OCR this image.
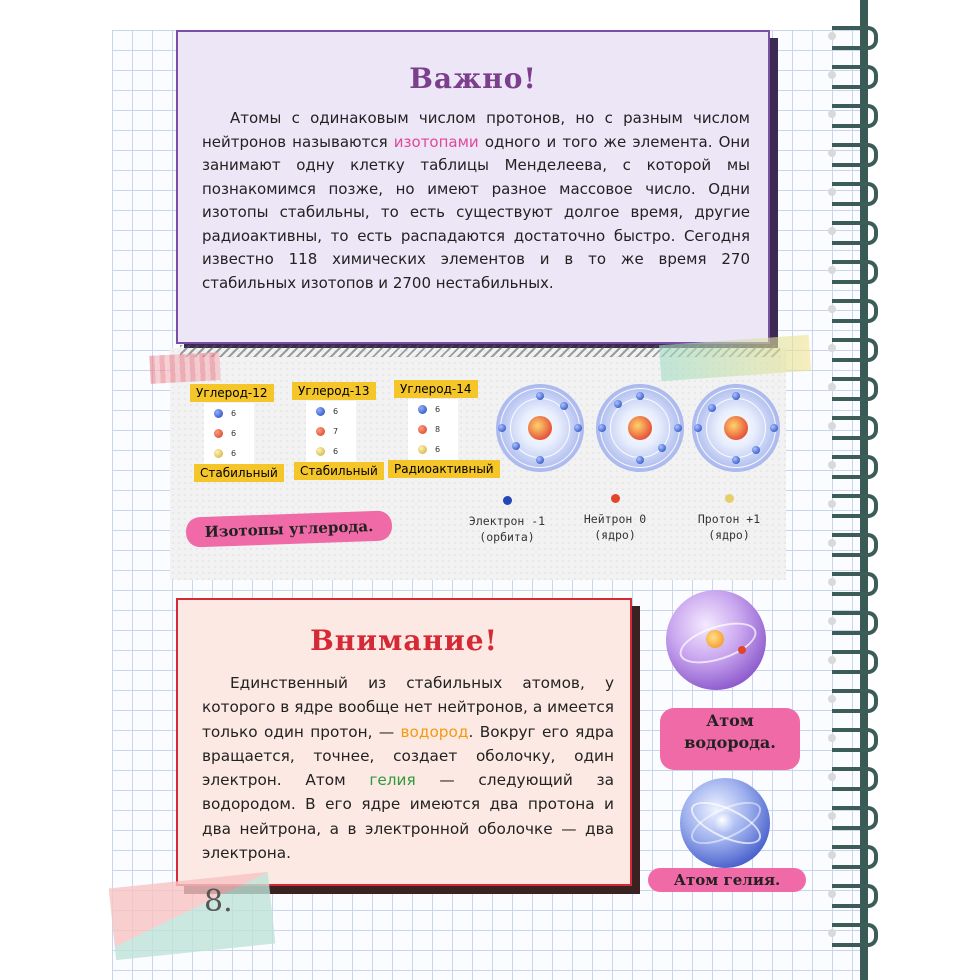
Важно!
Атомы с одинаковым числом протонов, но с разным числом нейтронов называются изотопами одного и того же элемента. Они занимают одну клетку таблицы Менделеева, с которой мы познакомимся позже, но имеют разное массовое число. Одни изотопы стабильны, то есть существуют долгое время, другие радиоактивны, то есть распадаются достаточно быстро. Сегодня известно 118 химических элементов и в то же время 270 стабильных изотопов и 2700 нестабильных.
Углерод-12
6
6
6
Стабильный
Углерод-13
6
7
6
Стабильный
Углерод-14
6
8
6
Радиоактивный
Электрон -1
(орбита)
Нейтрон 0
(ядро)
Протон +1
(ядро)
Изотопы углерода.
Внимание!
Единственный из стабильных атомов, у которого в ядре вообще нет нейтронов, а имеется только один протон, — водород. Вокруг его ядра вращается, точнее, создает оболочку, один электрон. Атом гелия — следующий за водородом. В его ядре имеются два протона и два нейтрона, а в электронной оболочке — два электрона.
Атом
водорода.
Атом гелия.
8.
